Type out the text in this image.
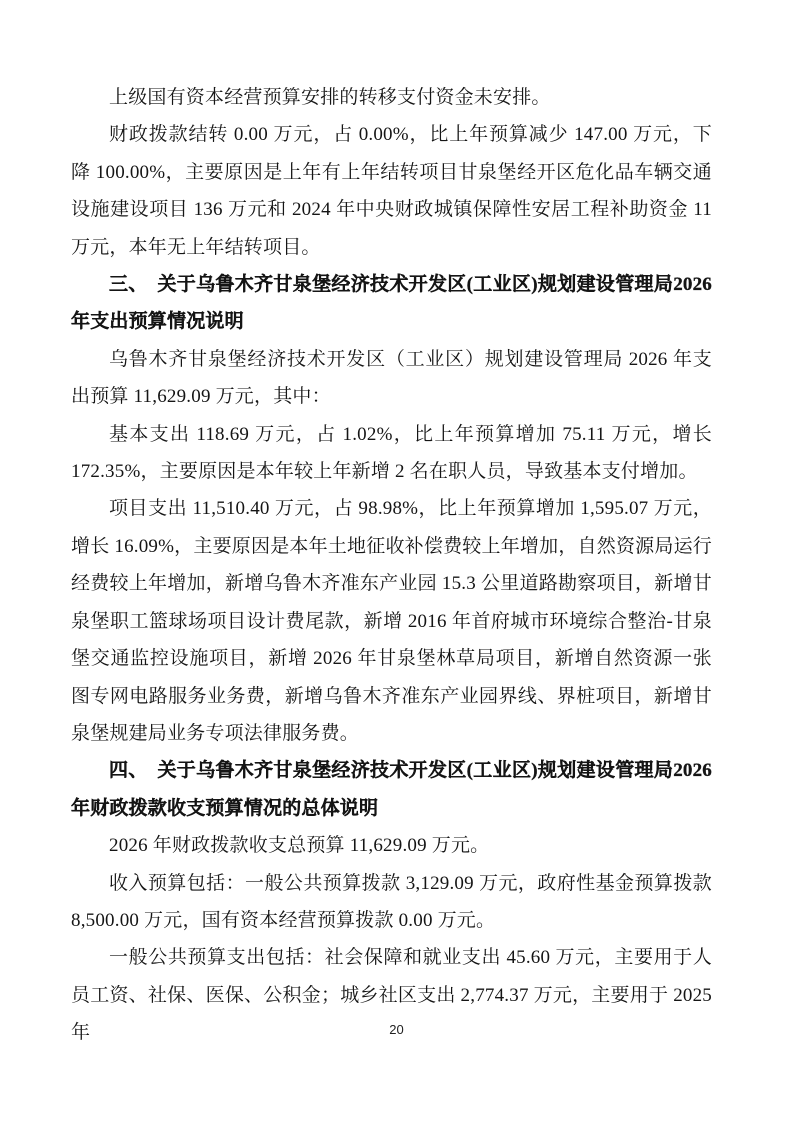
上级国有资本经营预算安排的转移支付资金未安排。
财政拨款结转 0.00 万元，占 0.00%，比上年预算减少 147.00 万元，下降 100.00%，主要原因是上年有上年结转项目甘泉堡经开区危化品车辆交通设施建设项目 136 万元和 2024 年中央财政城镇保障性安居工程补助资金 11 万元，本年无上年结转项目。
三、 关于乌鲁木齐甘泉堡经济技术开发区(工业区)规划建设管理局2026年支出预算情况说明
乌鲁木齐甘泉堡经济技术开发区（工业区）规划建设管理局 2026 年支出预算 11,629.09 万元，其中：
基本支出 118.69 万元，占 1.02%，比上年预算增加 75.11 万元，增长 172.35%，主要原因是本年较上年新增 2 名在职人员，导致基本支付增加。
项目支出 11,510.40 万元，占 98.98%，比上年预算增加 1,595.07 万元，增长 16.09%，主要原因是本年土地征收补偿费较上年增加，自然资源局运行经费较上年增加，新增乌鲁木齐准东产业园 15.3 公里道路勘察项目，新增甘泉堡职工篮球场项目设计费尾款，新增 2016 年首府城市环境综合整治-甘泉堡交通监控设施项目，新增 2026 年甘泉堡林草局项目，新增自然资源一张图专网电路服务业务费，新增乌鲁木齐准东产业园界线、界桩项目，新增甘泉堡规建局业务专项法律服务费。
四、 关于乌鲁木齐甘泉堡经济技术开发区(工业区)规划建设管理局2026年财政拨款收支预算情况的总体说明
2026 年财政拨款收支总预算 11,629.09 万元。
收入预算包括：一般公共预算拨款 3,129.09 万元，政府性基金预算拨款 8,500.00 万元，国有资本经营预算拨款 0.00 万元。
一般公共预算支出包括：社会保障和就业支出 45.60 万元，主要用于人员工资、社保、医保、公积金；城乡社区支出 2,774.37 万元，主要用于 2025 年	20
